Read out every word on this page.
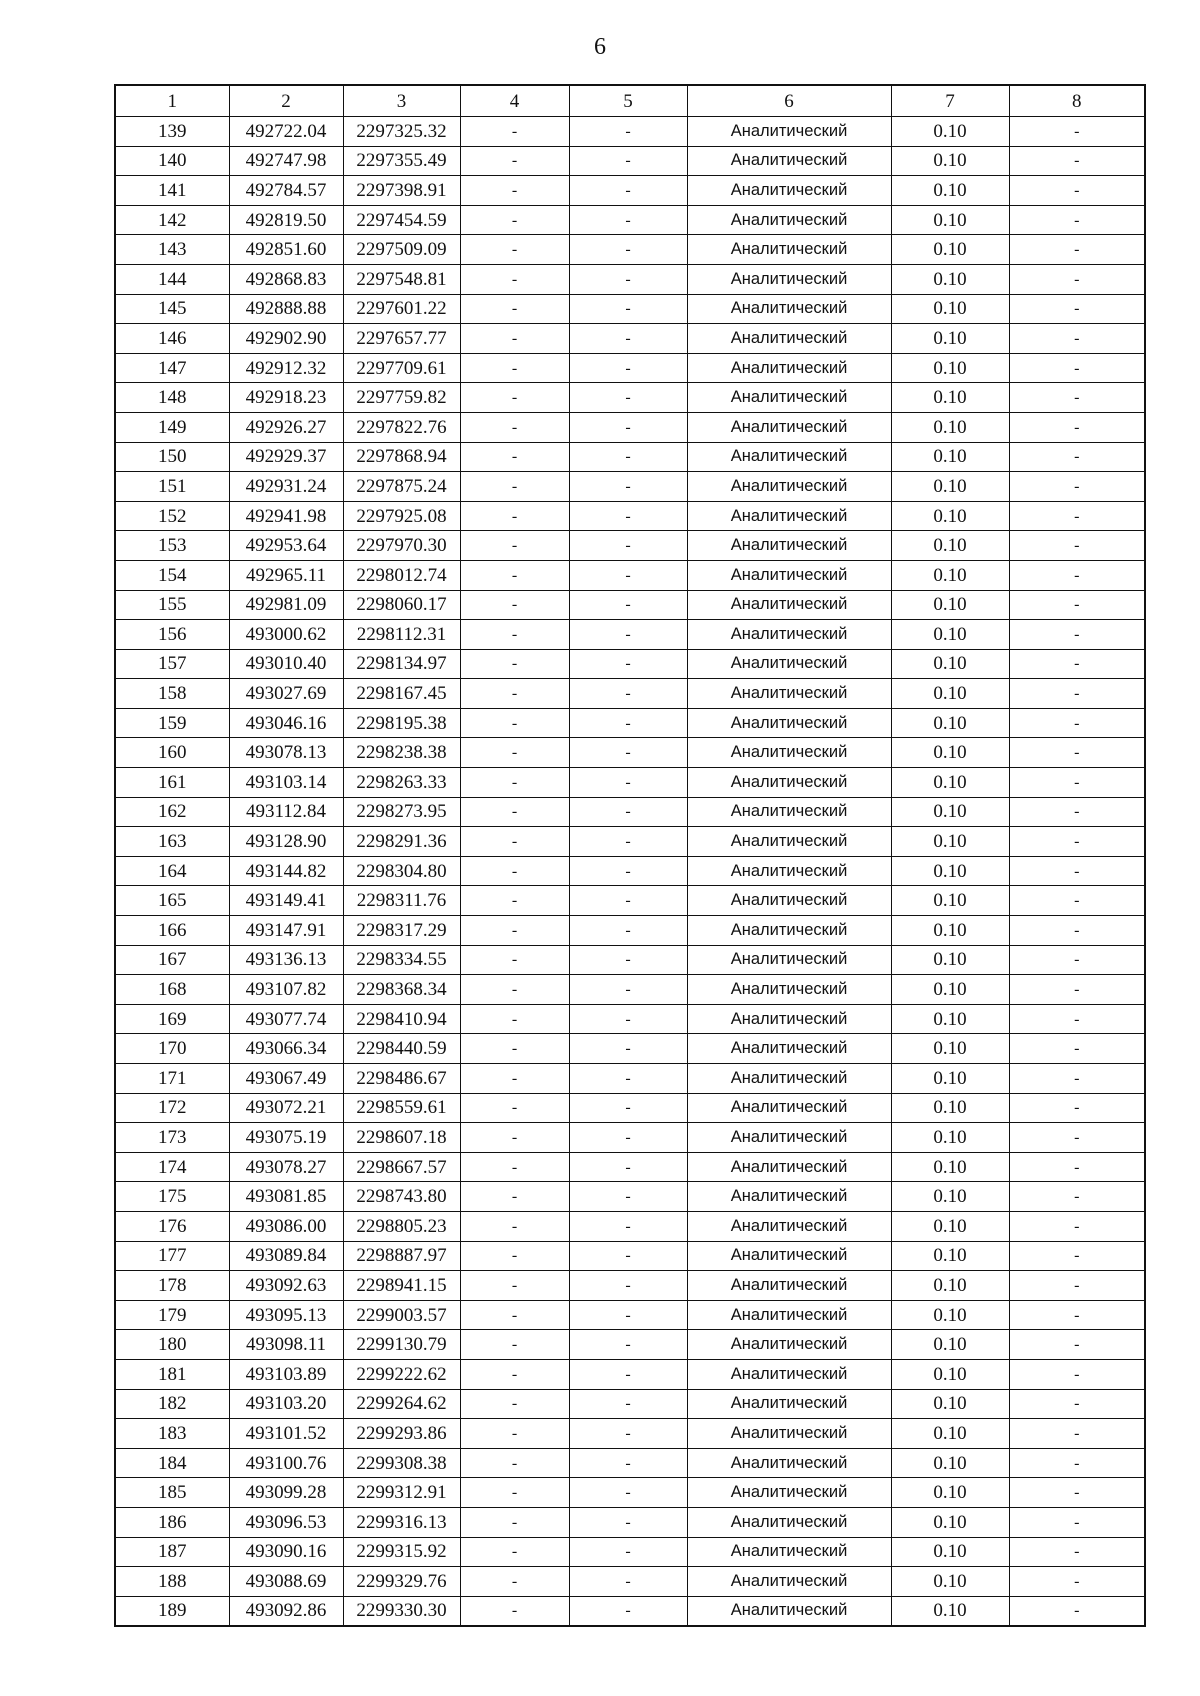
6
1	2	3	4	5	6	7	8
139	492722.04	2297325.32	-	-	Аналитический	0.10	-
140	492747.98	2297355.49	-	-	Аналитический	0.10	-
141	492784.57	2297398.91	-	-	Аналитический	0.10	-
142	492819.50	2297454.59	-	-	Аналитический	0.10	-
143	492851.60	2297509.09	-	-	Аналитический	0.10	-
144	492868.83	2297548.81	-	-	Аналитический	0.10	-
145	492888.88	2297601.22	-	-	Аналитический	0.10	-
146	492902.90	2297657.77	-	-	Аналитический	0.10	-
147	492912.32	2297709.61	-	-	Аналитический	0.10	-
148	492918.23	2297759.82	-	-	Аналитический	0.10	-
149	492926.27	2297822.76	-	-	Аналитический	0.10	-
150	492929.37	2297868.94	-	-	Аналитический	0.10	-
151	492931.24	2297875.24	-	-	Аналитический	0.10	-
152	492941.98	2297925.08	-	-	Аналитический	0.10	-
153	492953.64	2297970.30	-	-	Аналитический	0.10	-
154	492965.11	2298012.74	-	-	Аналитический	0.10	-
155	492981.09	2298060.17	-	-	Аналитический	0.10	-
156	493000.62	2298112.31	-	-	Аналитический	0.10	-
157	493010.40	2298134.97	-	-	Аналитический	0.10	-
158	493027.69	2298167.45	-	-	Аналитический	0.10	-
159	493046.16	2298195.38	-	-	Аналитический	0.10	-
160	493078.13	2298238.38	-	-	Аналитический	0.10	-
161	493103.14	2298263.33	-	-	Аналитический	0.10	-
162	493112.84	2298273.95	-	-	Аналитический	0.10	-
163	493128.90	2298291.36	-	-	Аналитический	0.10	-
164	493144.82	2298304.80	-	-	Аналитический	0.10	-
165	493149.41	2298311.76	-	-	Аналитический	0.10	-
166	493147.91	2298317.29	-	-	Аналитический	0.10	-
167	493136.13	2298334.55	-	-	Аналитический	0.10	-
168	493107.82	2298368.34	-	-	Аналитический	0.10	-
169	493077.74	2298410.94	-	-	Аналитический	0.10	-
170	493066.34	2298440.59	-	-	Аналитический	0.10	-
171	493067.49	2298486.67	-	-	Аналитический	0.10	-
172	493072.21	2298559.61	-	-	Аналитический	0.10	-
173	493075.19	2298607.18	-	-	Аналитический	0.10	-
174	493078.27	2298667.57	-	-	Аналитический	0.10	-
175	493081.85	2298743.80	-	-	Аналитический	0.10	-
176	493086.00	2298805.23	-	-	Аналитический	0.10	-
177	493089.84	2298887.97	-	-	Аналитический	0.10	-
178	493092.63	2298941.15	-	-	Аналитический	0.10	-
179	493095.13	2299003.57	-	-	Аналитический	0.10	-
180	493098.11	2299130.79	-	-	Аналитический	0.10	-
181	493103.89	2299222.62	-	-	Аналитический	0.10	-
182	493103.20	2299264.62	-	-	Аналитический	0.10	-
183	493101.52	2299293.86	-	-	Аналитический	0.10	-
184	493100.76	2299308.38	-	-	Аналитический	0.10	-
185	493099.28	2299312.91	-	-	Аналитический	0.10	-
186	493096.53	2299316.13	-	-	Аналитический	0.10	-
187	493090.16	2299315.92	-	-	Аналитический	0.10	-
188	493088.69	2299329.76	-	-	Аналитический	0.10	-
189	493092.86	2299330.30	-	-	Аналитический	0.10	-
